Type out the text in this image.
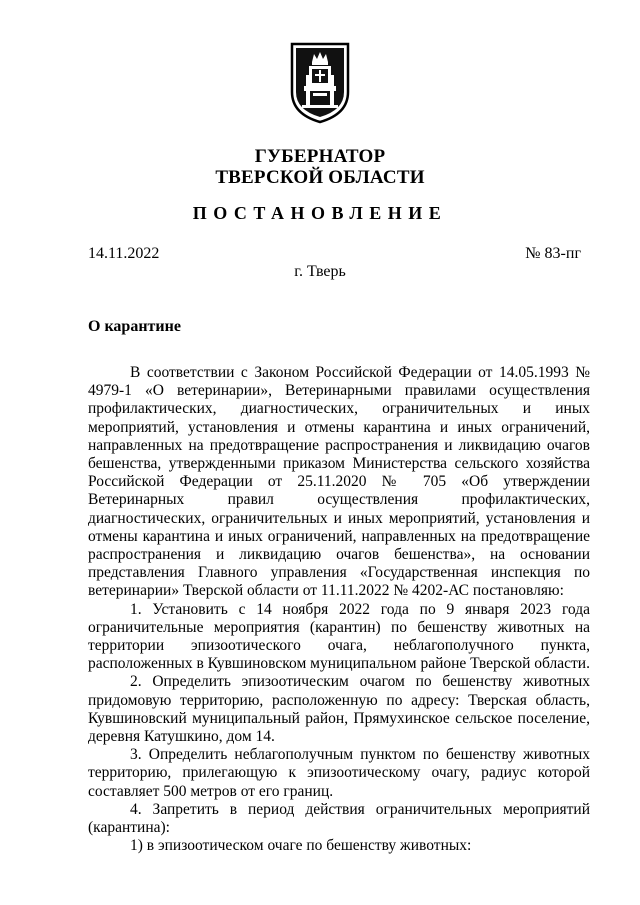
ГУБЕРНАТОР
ТВЕРСКОЙ ОБЛАСТИ
ПОСТАНОВЛЕНИЕ
14.11.2022	№ 83-пг
г. Тверь
О карантине

В соответствии с Законом Российской Федерации от 14.05.1993 № 4979-1 «О ветеринарии», Ветеринарными правилами осуществления профилактических, диагностических, ограничительных и иных мероприятий, установления и отмены карантина и иных ограничений, направленных на предотвращение распространения и ликвидацию очагов бешенства, утвержденными приказом Министерства сельского хозяйства Российской Федерации от 25.11.2020 № 705 «Об утверждении Ветеринарных правил осуществления профилактических, диагностических, ограничительных и иных мероприятий, установления и отмены карантина и иных ограничений, направленных на предотвращение распространения и ликвидацию очагов бешенства», на основании представления Главного управления «Государственная инспекция по ветеринарии» Тверской области от 11.11.2022 № 4202-АС постановляю:

1. Установить с 14 ноября 2022 года по 9 января 2023 года ограничительные мероприятия (карантин) по бешенству животных на территории эпизоотического очага, неблагополучного пункта, расположенных в Кувшиновском муниципальном районе Тверской области.

2. Определить эпизоотическим очагом по бешенству животных придомовую территорию, расположенную по адресу: Тверская область, Кувшиновский муниципальный район, Прямухинское сельское поселение, деревня Катушкино, дом 14.

3. Определить неблагополучным пунктом по бешенству животных территорию, прилегающую к эпизоотическому очагу, радиус которой составляет 500 метров от его границ.

4. Запретить в период действия ограничительных мероприятий (карантина):

1) в эпизоотическом очаге по бешенству животных:
